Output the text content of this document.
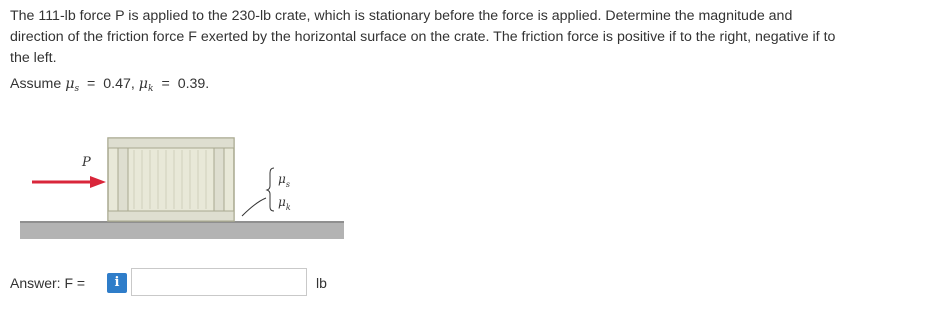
The 111-lb force P is applied to the 230-lb crate, which is stationary before the force is applied. Determine the magnitude and

direction of the friction force F exerted by the horizontal surface on the crate. The friction force is positive if to the right, negative if to

the left.

Assume $\mu_s = 0.47$, $\mu_k = 0.39$.
P
$\mu_s$
$\mu_k$
Answer: F =	i	lb
